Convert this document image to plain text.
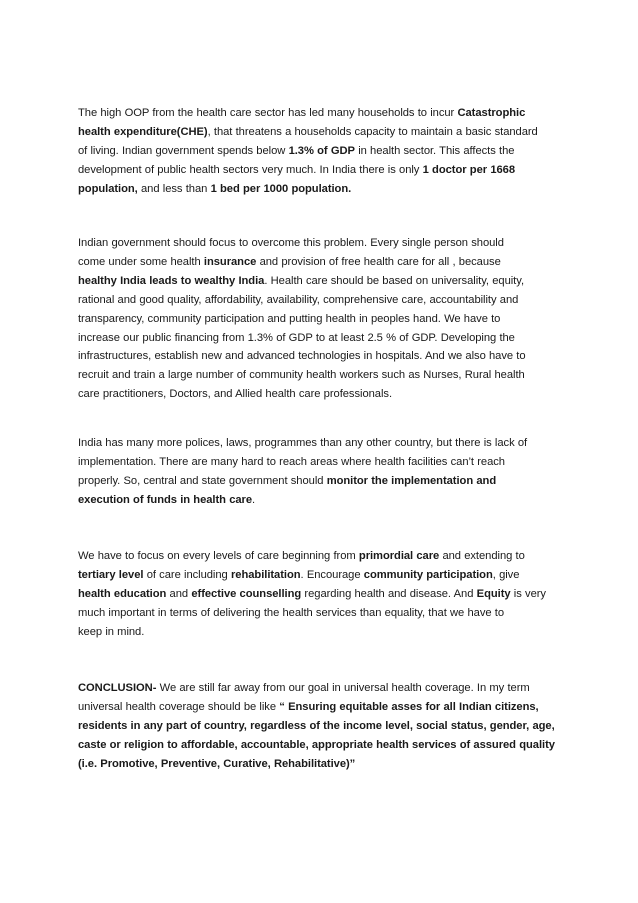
The high OOP from the health care sector has led many households to incur Catastrophic
health expenditure(CHE), that threatens a households capacity to maintain a basic standard
of living. Indian government spends below 1.3% of GDP in health sector. This affects the
development of public health sectors very much. In India there is only 1 doctor per 1668
population, and less than 1 bed per 1000 population.
Indian government should focus to overcome this problem. Every single person should
come under some health insurance and provision of free health care for all , because
healthy India leads to wealthy India. Health care should be based on universality, equity,
rational and good quality, affordability, availability, comprehensive care, accountability and
transparency, community participation and putting health in peoples hand. We have to
increase our public financing from 1.3% of GDP to at least 2.5 % of GDP. Developing the
infrastructures, establish new and advanced technologies in hospitals. And we also have to
recruit and train a large number of community health workers such as Nurses, Rural health
care practitioners, Doctors, and Allied health care professionals.
India has many more polices, laws, programmes than any other country, but there is lack of
implementation. There are many hard to reach areas where health facilities can’t reach
properly. So, central and state government should monitor the implementation and
execution of funds in health care.
We have to focus on every levels of care beginning from primordial care and extending to
tertiary level of care including rehabilitation. Encourage community participation, give
health education and effective counselling regarding health and disease. And Equity is very
much important in terms of delivering the health services than equality, that we have to
keep in mind.
CONCLUSION- We are still far away from our goal in universal health coverage. In my term
universal health coverage should be like “ Ensuring equitable asses for all Indian citizens,
residents in any part of country, regardless of the income level, social status, gender, age,
caste or religion to affordable, accountable, appropriate health services of assured quality
(i.e. Promotive, Preventive, Curative, Rehabilitative)”
